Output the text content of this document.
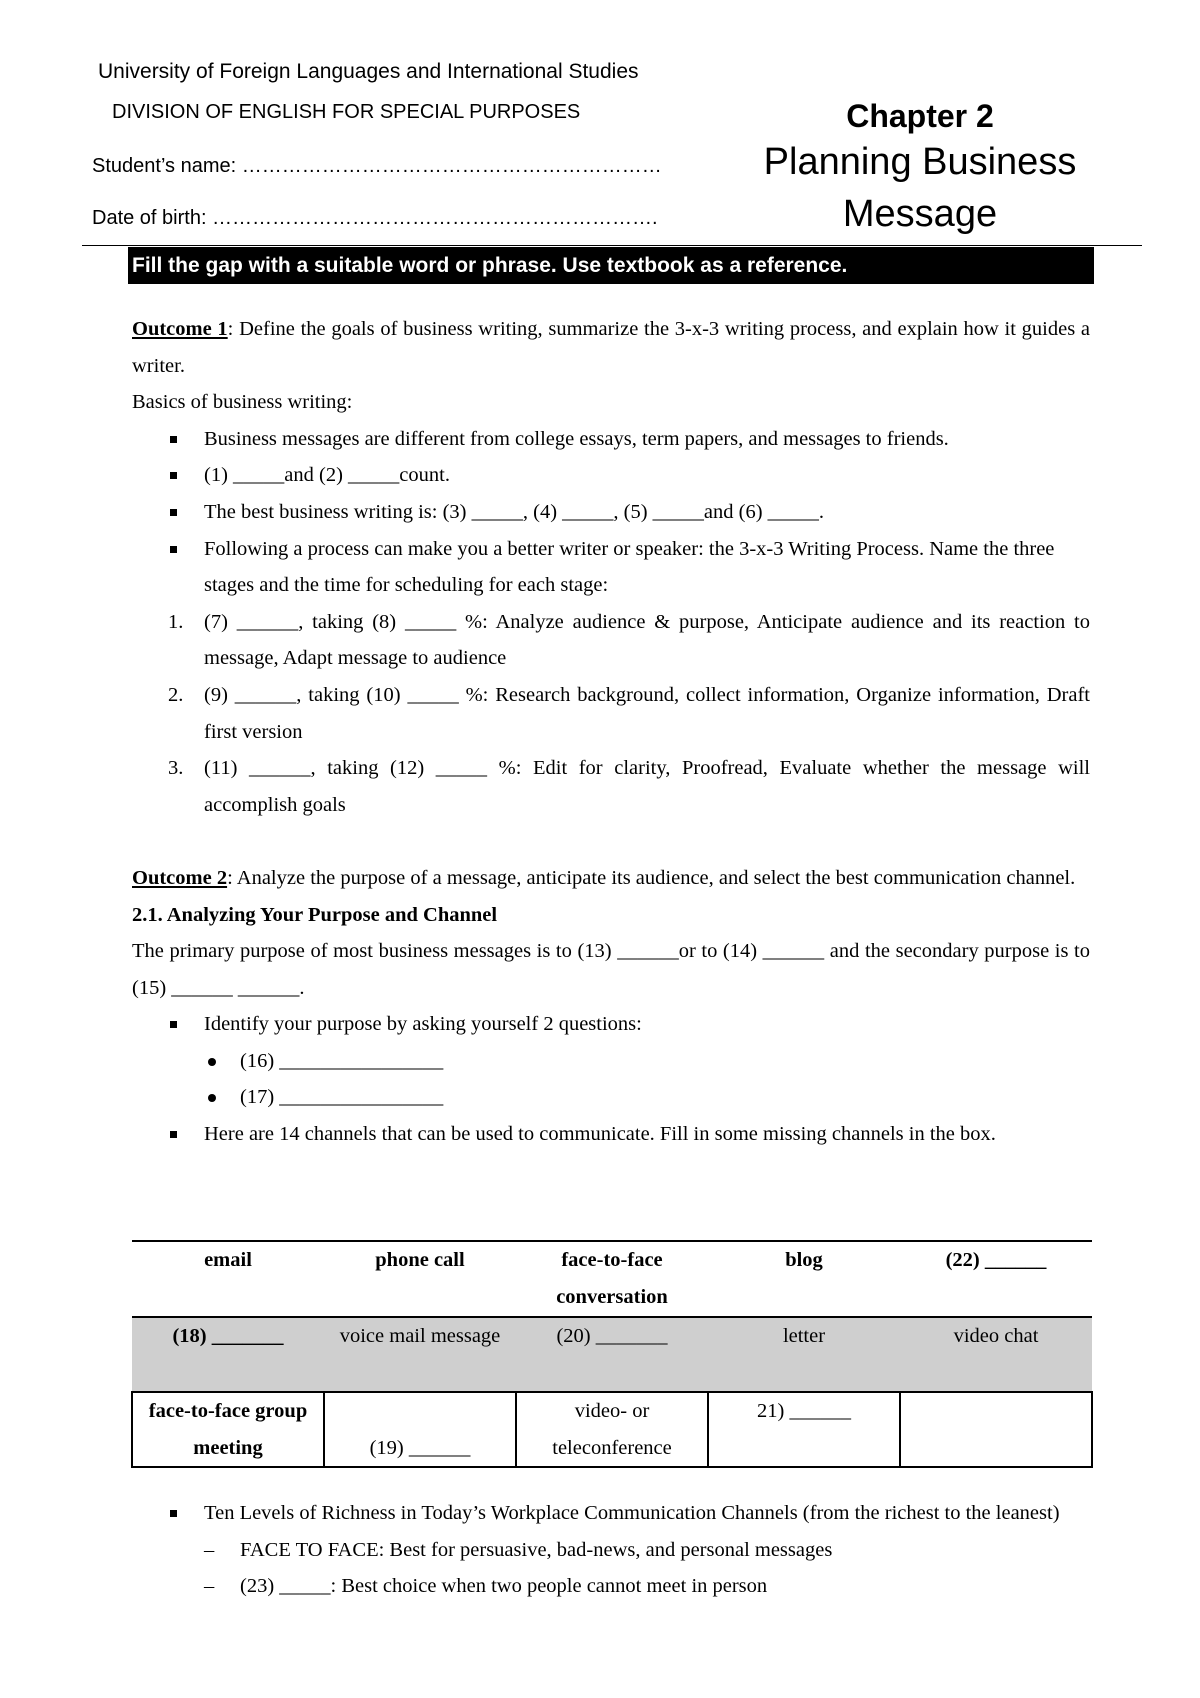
University of Foreign Languages and International Studies
DIVISION OF ENGLISH FOR SPECIAL PURPOSES
Student’s name: ………………………………………………………
Date of birth: ………………………………………………………….
Chapter 2
Planning Business Message
Fill the gap with a suitable word or phrase. Use textbook as a reference.

Outcome 1: Define the goals of business writing, summarize the 3-x-3 writing process, and explain how it guides a writer.

Basics of business writing:

Business messages are different from college essays, term papers, and messages to friends.
(1) _____and (2) _____count.
The best business writing is: (3) _____, (4) _____, (5) _____and (6) _____.
Following a process can make you a better writer or speaker: the 3-x-3 Writing Process. Name the three stages and the time for scheduling for each stage:
1. (7) ______, taking (8) _____ %: Analyze audience & purpose, Anticipate audience and its reaction to message, Adapt message to audience
2. (9) ______, taking (10) _____ %: Research background, collect information, Organize information, Draft first version
3. (11) ______, taking (12) _____ %: Edit for clarity, Proofread, Evaluate whether the message will accomplish goals

Outcome 2: Analyze the purpose of a message, anticipate its audience, and select the best communication channel.

2.1. Analyzing Your Purpose and Channel

The primary purpose of most business messages is to (13) ______or to (14) ______ and the secondary purpose is to (15) ______ ______.

Identify your purpose by asking yourself 2 questions:
(16) ________________
(17) ________________
Here are 14 channels that can be used to communicate. Fill in some missing channels in the box.
email	phone call	face-to-face conversation	blog	(22) ______
(18) _______	voice mail message	(20) _______	letter	video chat
face-to-face group meeting	(19) ______	video- or teleconference	21) ______	
Ten Levels of Richness in Today’s Workplace Communication Channels (from the richest to the leanest)
– FACE TO FACE: Best for persuasive, bad-news, and personal messages
– (23) _____: Best choice when two people cannot meet in person
